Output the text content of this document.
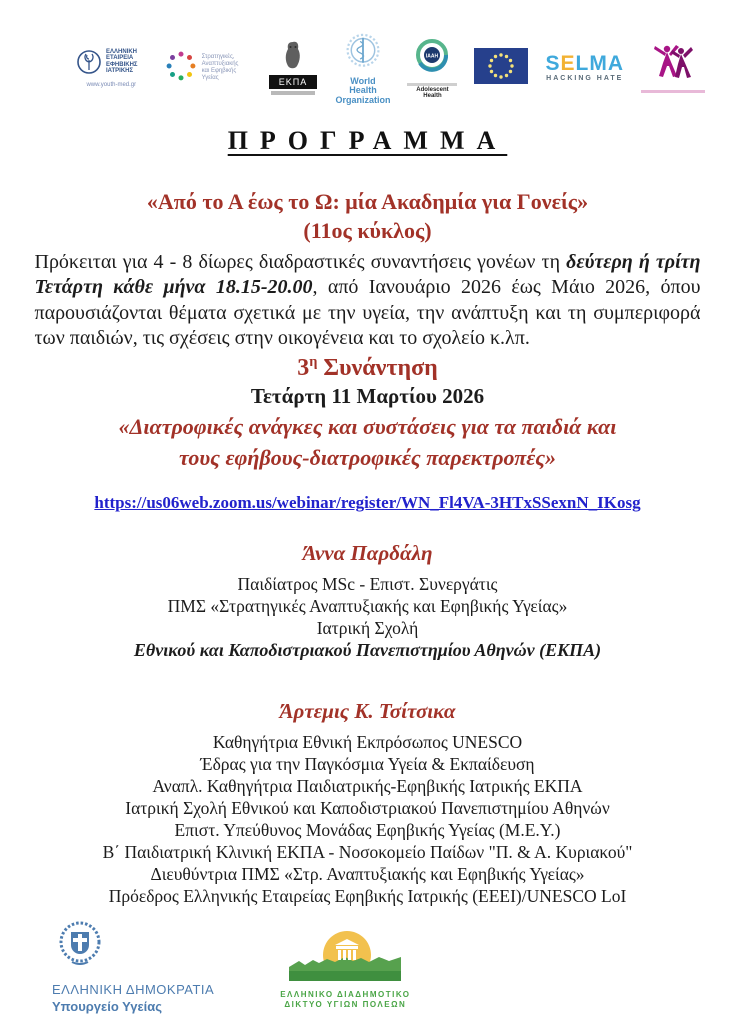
ΕΛΛΗΝΙΚΗ
ΕΤΑΙΡΕΙΑ
ΕΦΗΒΙΚΗΣ
ΙΑΤΡΙΚΗΣ
www.youth-med.gr
Στρατηγικές,
Αναπτυξιακής
και Εφηβικής
Υγείας	ΕΚΠΑ	World Health
Organization
IAAH
Adolescent Health
SELMA
HACKING HATE
ΠΡΟΓΡΑΜΜΑ
«Από το Α έως το Ω: μία Ακαδημία για Γονείς»
(11ος κύκλος)

Πρόκειται για 4 - 8 δίωρες διαδραστικές συναντήσεις γονέων τη δεύτερη ή τρίτη Τετάρτη κάθε μήνα 18.15-20.00, από Ιανουάριο 2026 έως Μάιο 2026, όπου παρουσιάζονται θέματα σχετικά με την υγεία, την ανάπτυξη και τη συμπεριφορά των παιδιών, τις σχέσεις στην οικογένεια και το σχολείο κ.λπ.

$3^\eta$ Συνάντηση
Τετάρτη 11 Μαρτίου 2026
«Διατροφικές ανάγκες και συστάσεις για τα παιδιά και
τους εφήβους-διατροφικές παρεκτροπές»
https://us06web.zoom.us/webinar/register/WN_Fl4VA-3HTxSSexnN_IKosg
Άννα Παρδάλη
Παιδίατρος MSc - Επιστ. Συνεργάτις
ΠΜΣ «Στρατηγικές Αναπτυξιακής και Εφηβικής Υγείας»
Ιατρική Σχολή
Εθνικού και Καποδιστριακού Πανεπιστημίου Αθηνών (ΕΚΠΑ)
Άρτεμις Κ. Τσίτσικα
Καθηγήτρια Εθνική Εκπρόσωπος UNESCO
Έδρας για την Παγκόσμια Υγεία & Εκπαίδευση
Αναπλ. Καθηγήτρια Παιδιατρικής-Εφηβικής Ιατρικής ΕΚΠΑ
Ιατρική Σχολή Εθνικού και Καποδιστριακού Πανεπιστημίου Αθηνών
Επιστ. Υπεύθυνος Μονάδας Εφηβικής Υγείας (Μ.Ε.Υ.)
Β΄ Παιδιατρική Κλινική ΕΚΠΑ - Νοσοκομείο Παίδων "Π. & Α. Κυριακού"
Διευθύντρια ΠΜΣ «Στρ. Αναπτυξιακής και Εφηβικής Υγείας»
Πρόεδρος Ελληνικής Εταιρείας Εφηβικής Ιατρικής (ΕΕΕΙ)/UNESCO LoI
ΕΛΛΗΝΙΚΗ ΔΗΜΟΚΡΑΤΙΑ
Υπουργείο Υγείας
ΕΛΛΗΝΙΚΟ ΔΙΑΔΗΜΟΤΙΚΟ
ΔΙΚΤΥΟ ΥΓΙΩΝ ΠΟΛΕΩΝ
